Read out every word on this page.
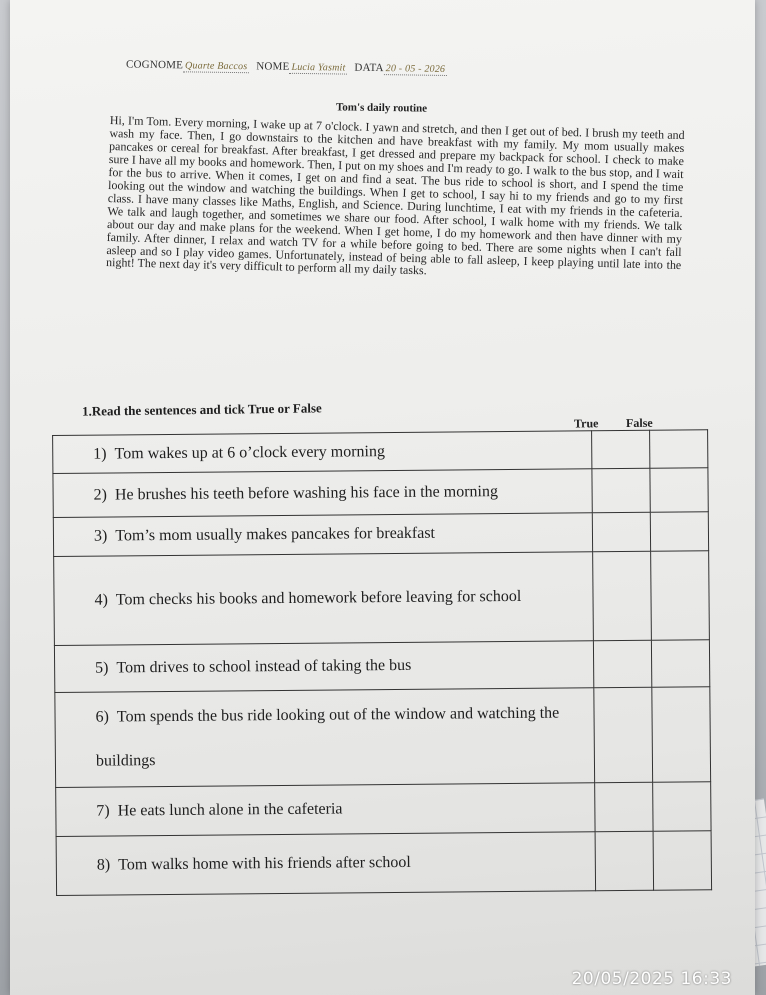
COGNOME Quarte Baccos NOME Lucia Yasmit DATA 20 - 05 - 2026
Tom's daily routine
Hi, I'm Tom. Every morning, I wake up at 7 o'clock. I yawn and stretch, and then I get out of bed. I brush my teeth and wash my face. Then, I go downstairs to the kitchen and have breakfast with my family. My mom usually makes pancakes or cereal for breakfast. After breakfast, I get dressed and prepare my backpack for school. I check to make sure I have all my books and homework. Then, I put on my shoes and I'm ready to go. I walk to the bus stop, and I wait for the bus to arrive. When it comes, I get on and find a seat. The bus ride to school is short, and I spend the time looking out the window and watching the buildings. When I get to school, I say hi to my friends and go to my first class. I have many classes like Maths, English, and Science. During lunchtime, I eat with my friends in the cafeteria. We talk and laugh together, and sometimes we share our food. After school, I walk home with my friends. We talk about our day and make plans for the weekend. When I get home, I do my homework and then have dinner with my family. After dinner, I relax and watch TV for a while before going to bed. There are some nights when I can't fall asleep and so I play video games. Unfortunately, instead of being able to fall asleep, I keep playing until late into the night! The next day it's very difficult to perform all my daily tasks.
1.Read the sentences and tick True or False
True False
1) Tom wakes up at 6 o’clock every morning		
2) He brushes his teeth before washing his face in the morning		
3) Tom’s mom usually makes pancakes for breakfast		
4) Tom checks his books and homework before leaving for school		
5) Tom drives to school instead of taking the bus		
6) Tom spends the bus ride looking out of the window and watching the buildings		
7) He eats lunch alone in the cafeteria		
8) Tom walks home with his friends after school		
20/05/2025 16:33
